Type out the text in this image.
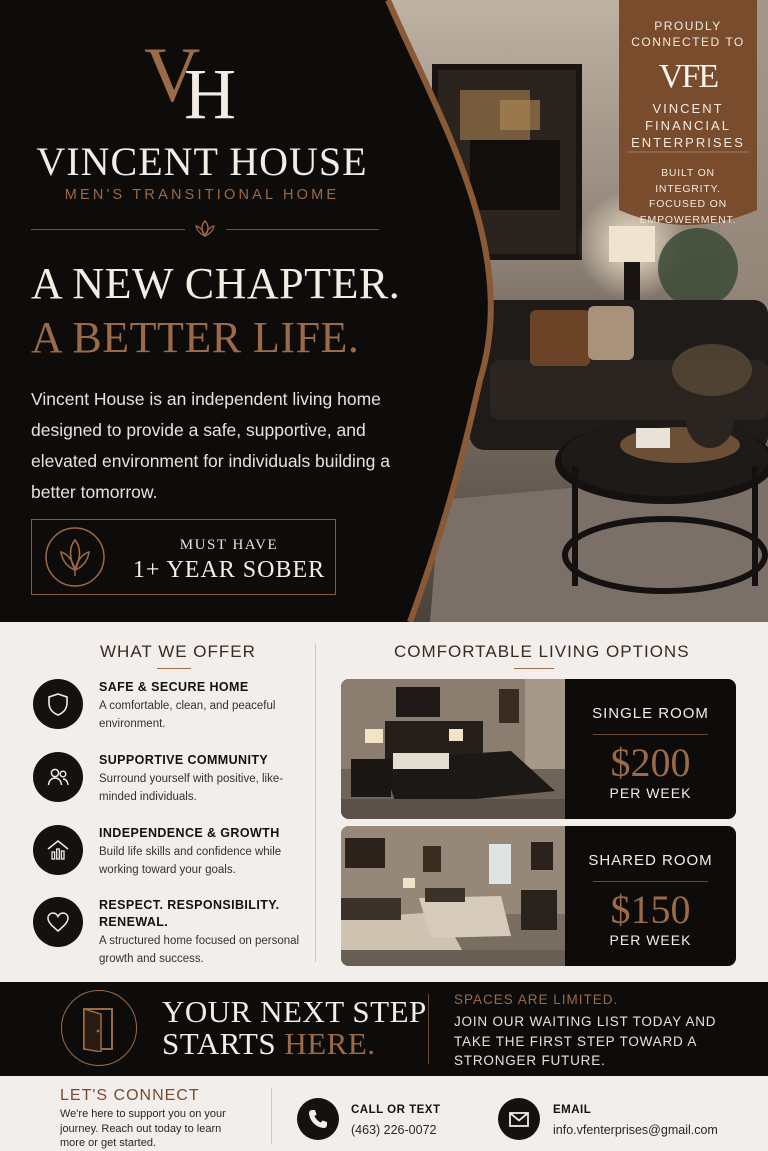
V
H
VINCENT HOUSE
MEN'S TRANSITIONAL HOME
A NEW CHAPTER.
A BETTER LIFE.

Vincent House is an independent living home designed to provide a safe, supportive, and elevated environment for individuals building a better tomorrow.

MUST HAVE
1+ YEAR SOBER
PROUDLY CONNECTED TO
VFE
VINCENT FINANCIAL ENTERPRISES
BUILT ON INTEGRITY. FOCUSED ON EMPOWERMENT.
WHAT WE OFFER	COMFORTABLE LIVING OPTIONS
SAFE & SECURE HOME

A comfortable, clean, and peaceful environment.

SUPPORTIVE COMMUNITY

Surround yourself with positive, like-minded individuals.

INDEPENDENCE & GROWTH

Build life skills and confidence while working toward your goals.

RESPECT. RESPONSIBILITY. RENEWAL.

A structured home focused on personal growth and success.

SINGLE ROOM
$200
PER WEEK
SHARED ROOM
$150
PER WEEK
YOUR NEXT STEP
STARTS HERE.
SPACES ARE LIMITED.

JOIN OUR WAITING LIST TODAY AND TAKE THE FIRST STEP TOWARD A STRONGER FUTURE.

LET'S CONNECT

We're here to support you on your journey. Reach out today to learn more or get started.

CALL OR TEXT
(463) 226-0072
EMAIL
info.vfenterprises@gmail.com
